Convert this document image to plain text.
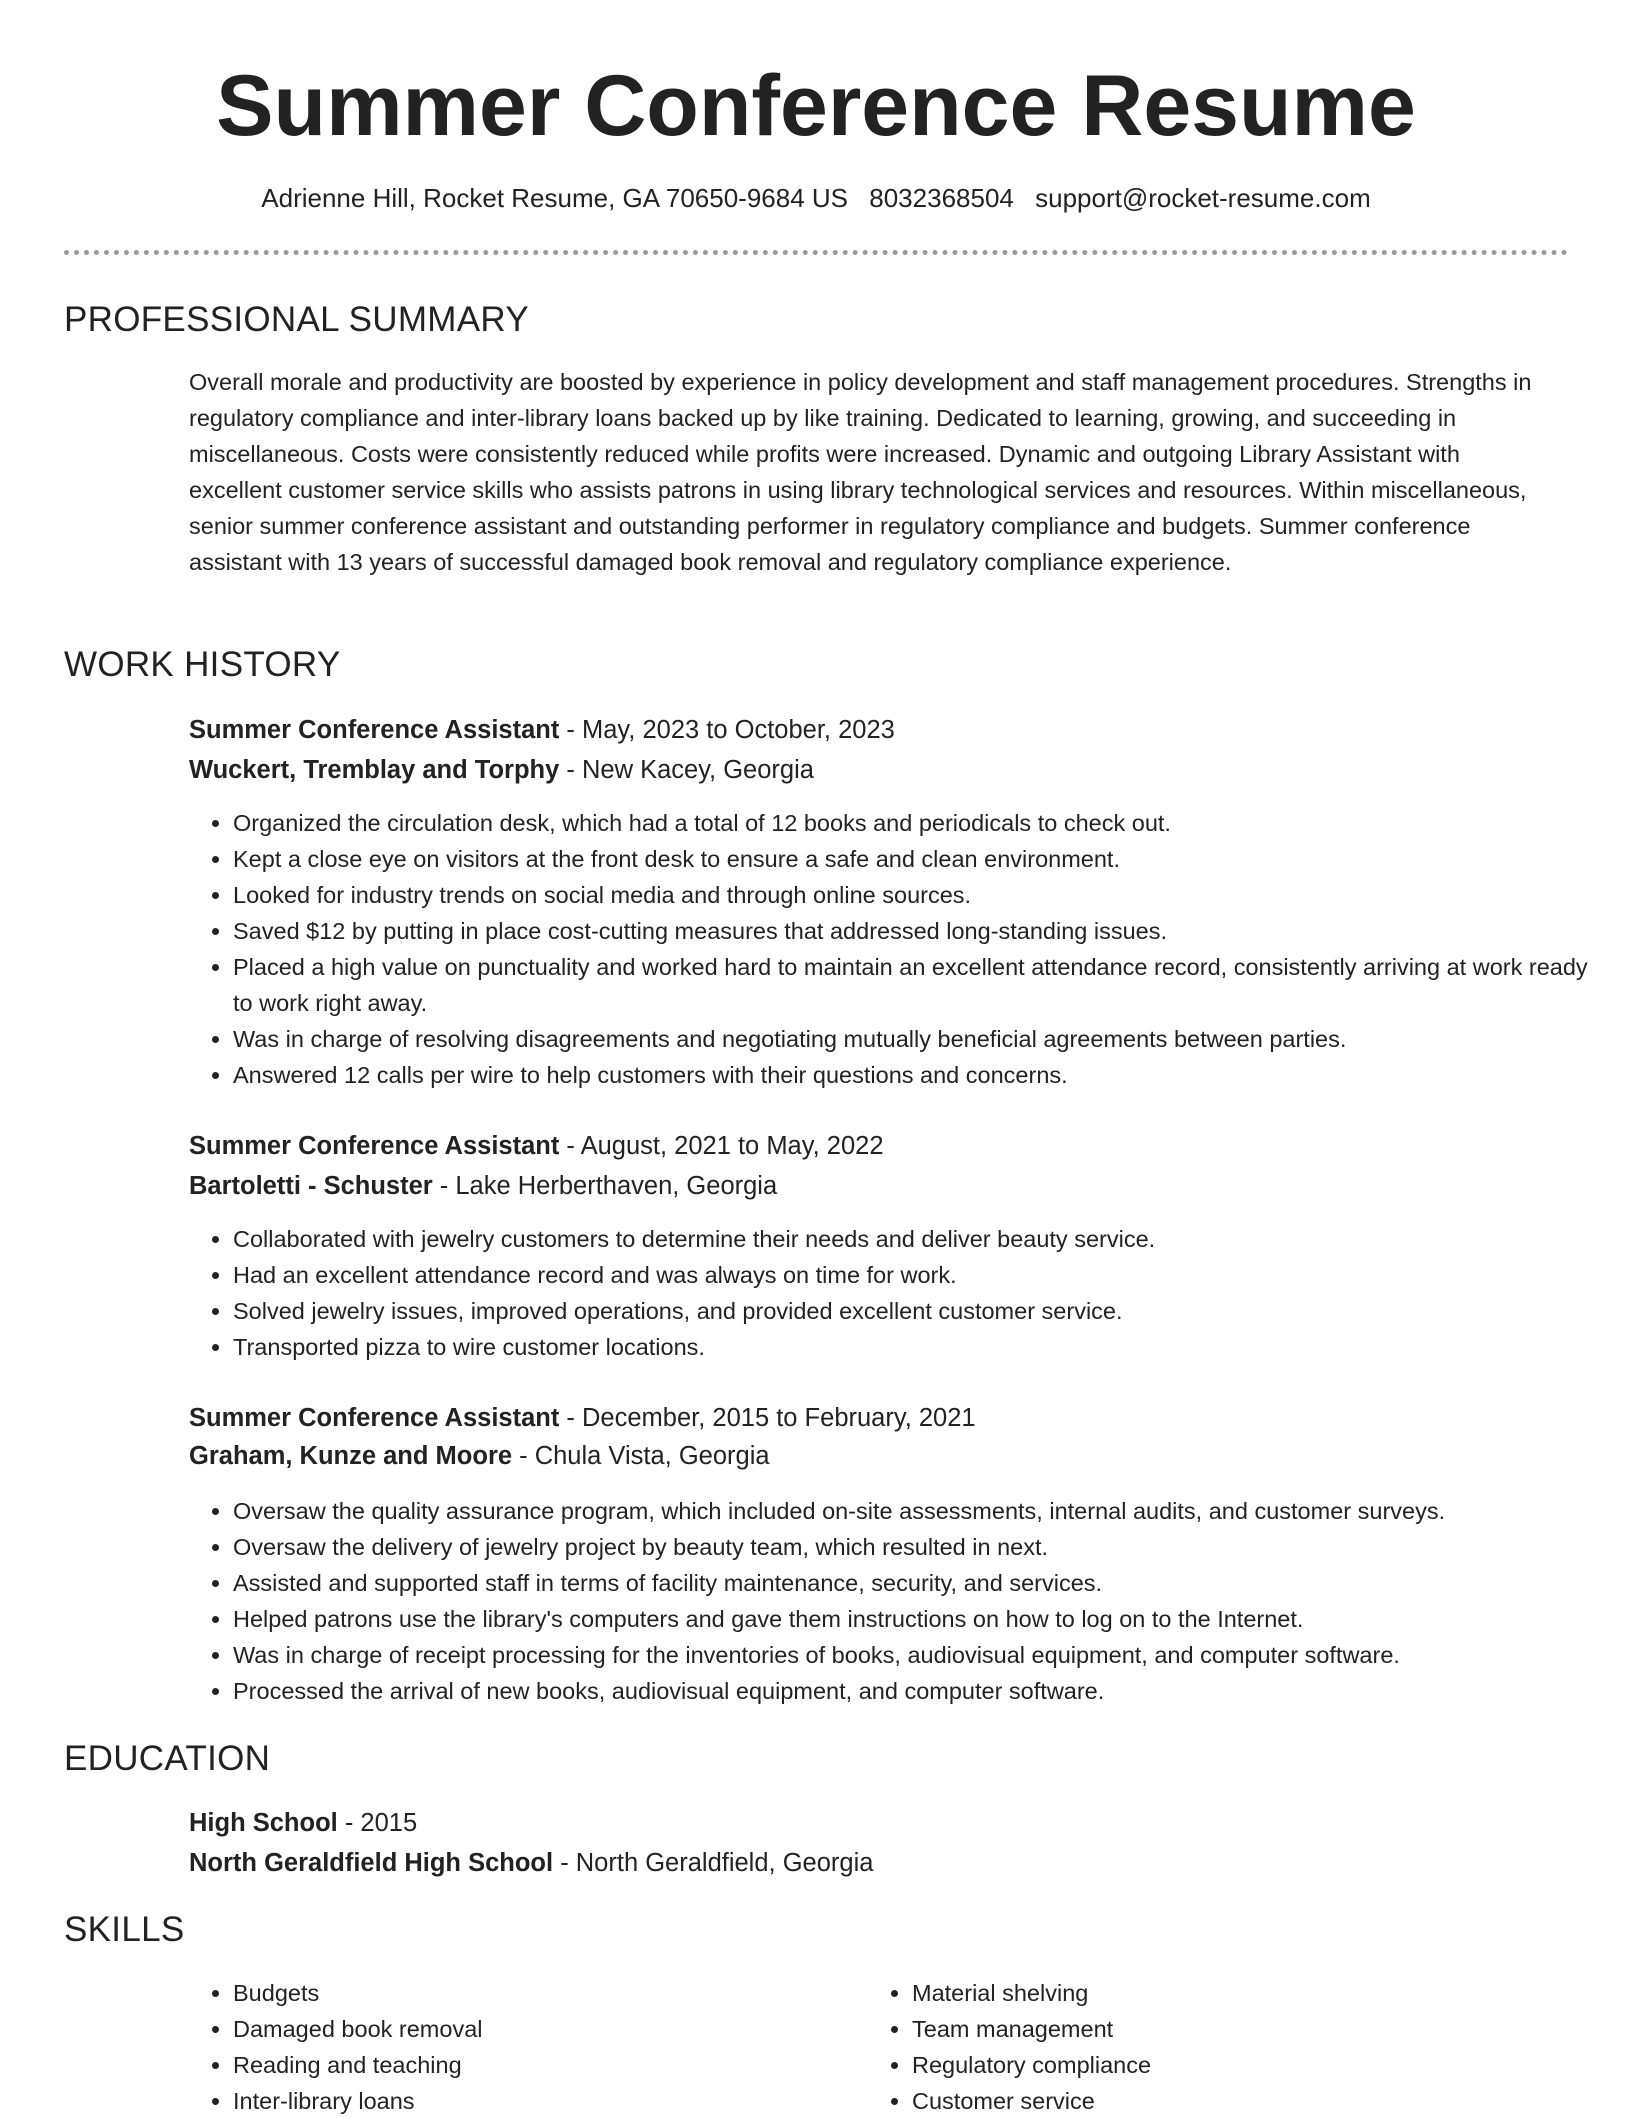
Summer Conference Resume
Adrienne Hill, Rocket Resume, GA 70650-9684 US 8032368504 support@rocket-resume.com
PROFESSIONAL SUMMARY
Overall morale and productivity are boosted by experience in policy development and staff management procedures. Strengths in regulatory compliance and inter-library loans backed up by like training. Dedicated to learning, growing, and succeeding in miscellaneous. Costs were consistently reduced while profits were increased. Dynamic and outgoing Library Assistant with excellent customer service skills who assists patrons in using library technological services and resources. Within miscellaneous, senior summer conference assistant and outstanding performer in regulatory compliance and budgets. Summer conference assistant with 13 years of successful damaged book removal and regulatory compliance experience.
WORK HISTORY
Summer Conference Assistant - May, 2023 to October, 2023
Wuckert, Tremblay and Torphy - New Kacey, Georgia
• Organized the circulation desk, which had a total of 12 books and periodicals to check out.
• Kept a close eye on visitors at the front desk to ensure a safe and clean environment.
• Looked for industry trends on social media and through online sources.
• Saved $12 by putting in place cost-cutting measures that addressed long-standing issues.
• Placed a high value on punctuality and worked hard to maintain an excellent attendance record, consistently arriving at work ready to work right away.
• Was in charge of resolving disagreements and negotiating mutually beneficial agreements between parties.
• Answered 12 calls per wire to help customers with their questions and concerns.
Summer Conference Assistant - August, 2021 to May, 2022
Bartoletti - Schuster - Lake Herberthaven, Georgia
• Collaborated with jewelry customers to determine their needs and deliver beauty service.
• Had an excellent attendance record and was always on time for work.
• Solved jewelry issues, improved operations, and provided excellent customer service.
• Transported pizza to wire customer locations.
Summer Conference Assistant - December, 2015 to February, 2021
Graham, Kunze and Moore - Chula Vista, Georgia
• Oversaw the quality assurance program, which included on-site assessments, internal audits, and customer surveys.
• Oversaw the delivery of jewelry project by beauty team, which resulted in next.
• Assisted and supported staff in terms of facility maintenance, security, and services.
• Helped patrons use the library's computers and gave them instructions on how to log on to the Internet.
• Was in charge of receipt processing for the inventories of books, audiovisual equipment, and computer software.
• Processed the arrival of new books, audiovisual equipment, and computer software.
EDUCATION
High School - 2015
North Geraldfield High School - North Geraldfield, Georgia
SKILLS
• Budgets
• Damaged book removal
• Reading and teaching
• Inter-library loans
• Material shelving
• Team management
• Regulatory compliance
• Customer service
